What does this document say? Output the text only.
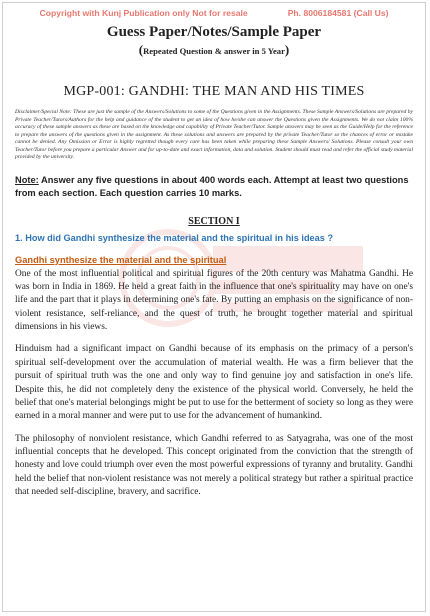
Copyright with Kunj Publication only Not for resale	Ph. 8006184581 (Call Us)
Guess Paper/Notes/Sample Paper
(Repeated Question & answer in 5 Year)
MGP-001: GANDHI: THE MAN AND HIS TIMES
Disclaimer/Special Note: These are just the sample of the Answers/Solutions to some of the Questions given in the Assignments. These Sample Answers/Solutions are prepared by Private Teacher/Tutors/Authors for the help and guidance of the student to get an idea of how he/she can answer the Questions given the Assignments. We do not claim 100% accuracy of these sample answers as these are based on the knowledge and capability of Private Teacher/Tutor. Sample answers may be seen as the Guide/Help for the reference to prepare the answers of the questions given in the assignment. As these solutions and answers are prepared by the private Teacher/Tutor so the chances of error or mistake cannot be denied. Any Omission or Error is highly regretted though every care has been taken while preparing these Sample Answers/ Solutions. Please consult your own Teacher/Tutor before you prepare a particular Answer and for up-to-date and exact information, data and solution. Student should must read and refer the official study material provided by the university.
Note: Answer any five questions in about 400 words each. Attempt at least two questions from each section. Each question carries 10 marks.
SECTION I
1. How did Gandhi synthesize the material and the spiritual in his ideas ?
Gandhi synthesize the material and the spiritual
One of the most influential political and spiritual figures of the 20th century was Mahatma Gandhi. He was born in India in 1869. He held a great faith in the influence that one's spirituality may have on one's life and the part that it plays in determining one's fate. By putting an emphasis on the significance of non-violent resistance, self-reliance, and the quest of truth, he brought together material and spiritual dimensions in his views.
Hinduism had a significant impact on Gandhi because of its emphasis on the primacy of a person's spiritual self-development over the accumulation of material wealth. He was a firm believer that the pursuit of spiritual truth was the one and only way to find genuine joy and satisfaction in one's life. Despite this, he did not completely deny the existence of the physical world. Conversely, he held the belief that one's material belongings might be put to use for the betterment of society so long as they were earned in a moral manner and were put to use for the advancement of humankind.
The philosophy of nonviolent resistance, which Gandhi referred to as Satyagraha, was one of the most influential concepts that he developed. This concept originated from the conviction that the strength of honesty and love could triumph over even the most powerful expressions of tyranny and brutality. Gandhi held the belief that non-violent resistance was not merely a political strategy but rather a spiritual practice that needed self-discipline, bravery, and sacrifice.
